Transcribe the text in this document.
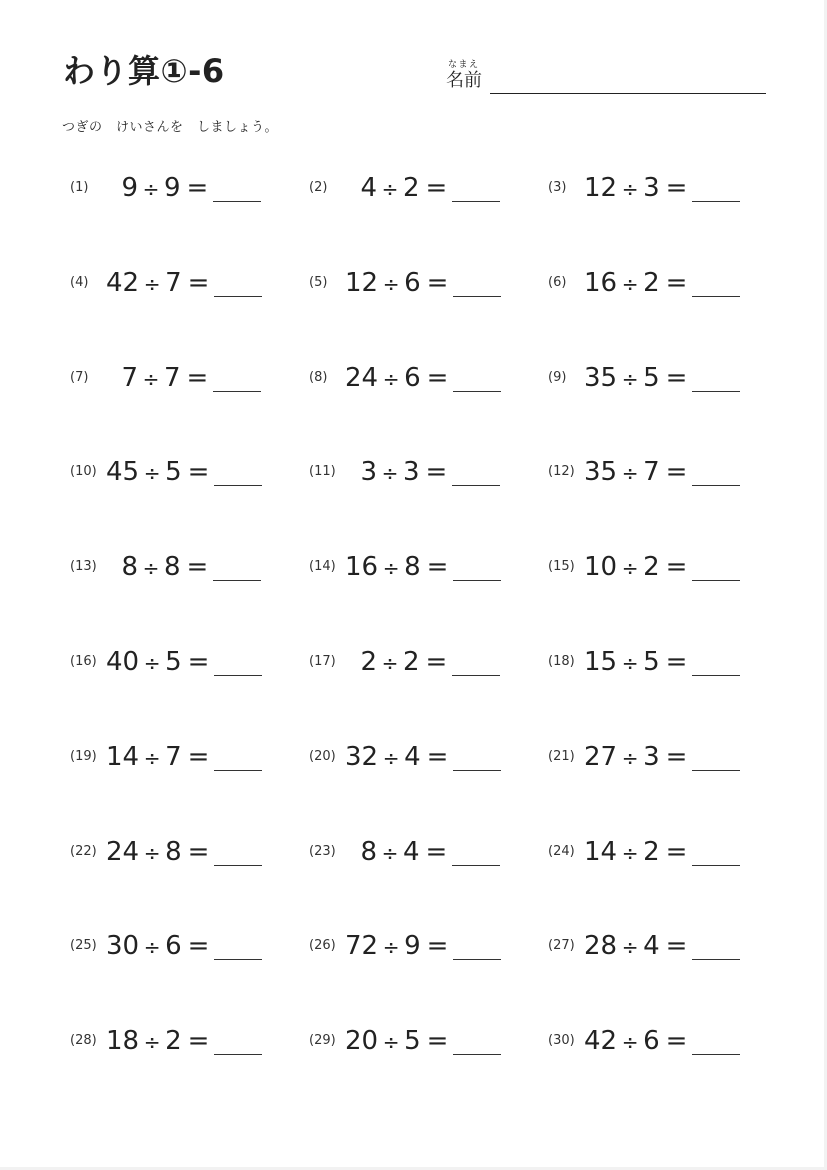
わり算①-6	なまえ
名前
つぎの　けいさんを　しましょう。
(1)	9 ÷ 9 =	(2)	4 ÷ 2 =	(3) 12 ÷ 3 =
(4) 42 ÷ 7 =	(5) 12 ÷ 6 =	(6) 16 ÷ 2 =
(7)	7 ÷ 7 =	(8) 24 ÷ 6 =	(9) 35 ÷ 5 =
(10) 45 ÷ 5 =	(11) 3 ÷ 3 =	(12) 35 ÷ 7 =
(13) 8 ÷ 8 =	(14) 16 ÷ 8 =	(15) 10 ÷ 2 =
(16) 40 ÷ 5 =	(17) 2 ÷ 2 =	(18) 15 ÷ 5 =
(19) 14 ÷ 7 =	(20) 32 ÷ 4 =	(21) 27 ÷ 3 =
(22) 24 ÷ 8 =	(23) 8 ÷ 4 =	(24) 14 ÷ 2 =
(25) 30 ÷ 6 =	(26) 72 ÷ 9 =	(27) 28 ÷ 4 =
(28) 18 ÷ 2 =	(29) 20 ÷ 5 =	(30) 42 ÷ 6 =
